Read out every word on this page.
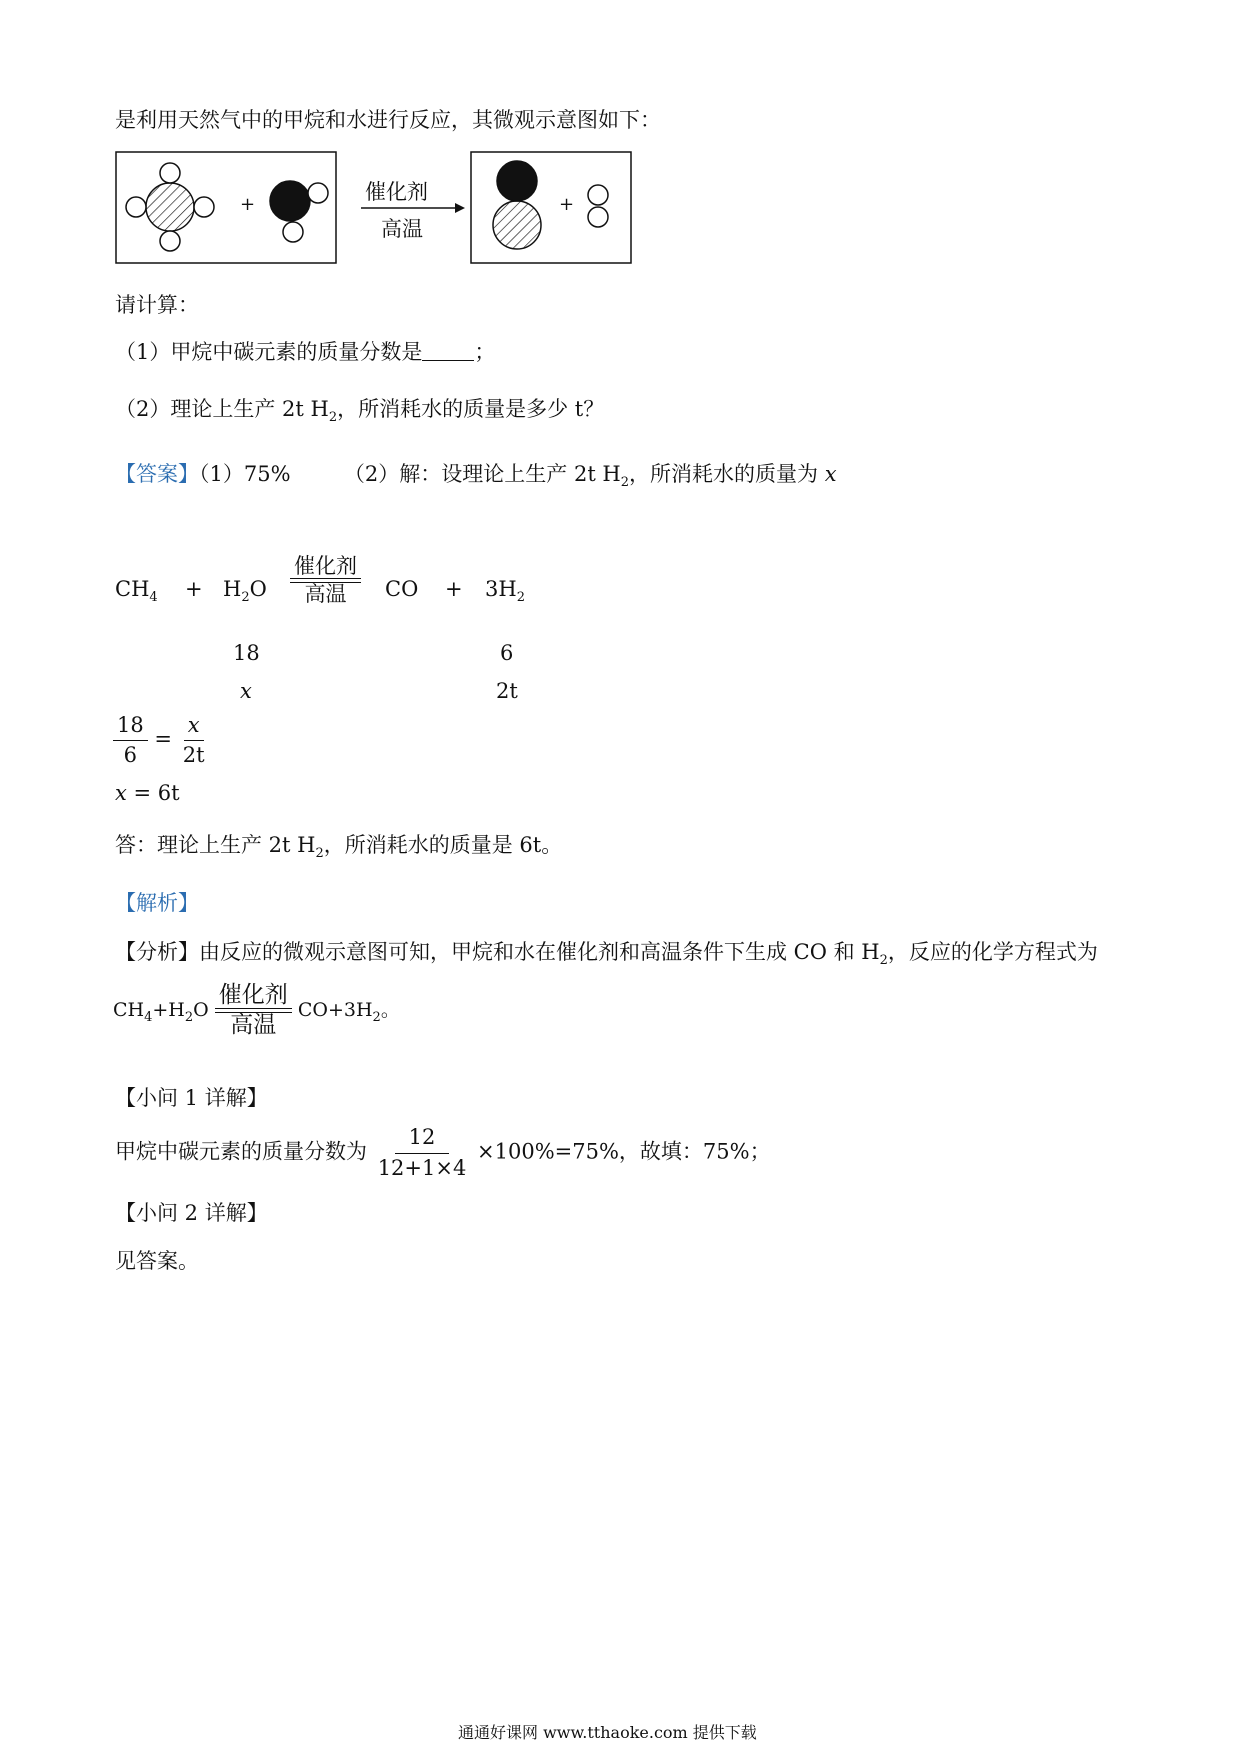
是利用天然气中的甲烷和水进行反应，其微观示意图如下：
+
催化剂
高温
+
请计算：
（1）甲烷中碳元素的质量分数是 ；
（2）理论上生产 2t $H_2$，所消耗水的质量是多少 t？
【答案】（1）75%	（2）解：设理论上生产 2t $H_2$，所消耗水的质量为 x
$CH_4 + H_2O$
催化剂
高温 CO + $3H_2$
18	6
x	2t
$\frac{18}{6} = \frac{x}{2t}$
x = 6t
答：理论上生产 2t $H_2$，所消耗水的质量是 6t。
【解析】
【分析】由反应的微观示意图可知，甲烷和水在催化剂和高温条件下生成 CO 和 $H_2$，反应的化学方程式为
$CH_4+H_2O$
催化剂
高温
$CO+3H_2$。
【小问 1 详解】
甲烷中碳元素的质量分数为 $\frac{12}{12+1\times 4} \times 100\%=75\%$，故填：75%；
【小问 2 详解】
见答案。
通通好课网 www.tthaoke.com 提供下载
